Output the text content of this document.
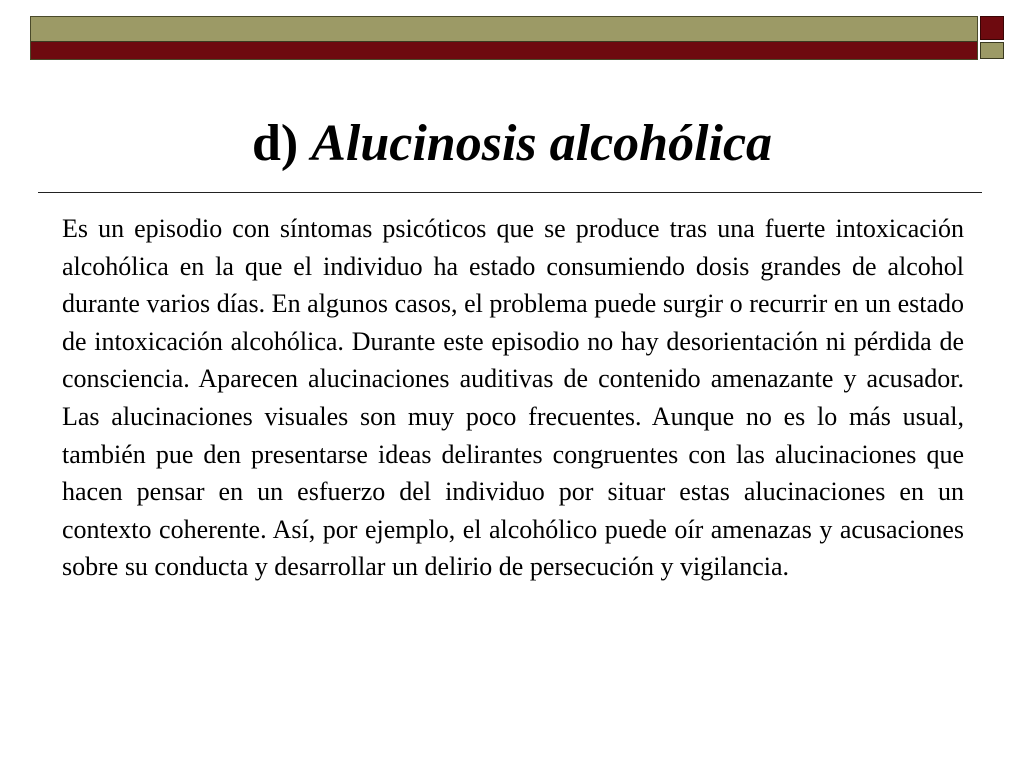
d) Alucinosis alcohólica

Es un episodio con síntomas psicóticos que se produce tras una fuerte intoxicación alcohólica en la que el individuo ha estado consumiendo dosis grandes de alcohol durante varios días. En algunos casos, el problema puede surgir o recurrir en un estado de intoxicación alcohólica. Durante este episodio no hay desorientación ni pérdida de consciencia. Aparecen alucinaciones auditivas de contenido amenazante y acusador. Las alucinaciones visuales son muy poco frecuentes. Aunque no es lo más usual, también pue den presentarse ideas delirantes congruentes con las alucinaciones que hacen pensar en un esfuerzo del individuo por situar estas alucinaciones en un contexto coherente. Así, por ejemplo, el alcohólico puede oír amenazas y acusaciones sobre su conducta y desarrollar un delirio de persecución y vigilancia.
